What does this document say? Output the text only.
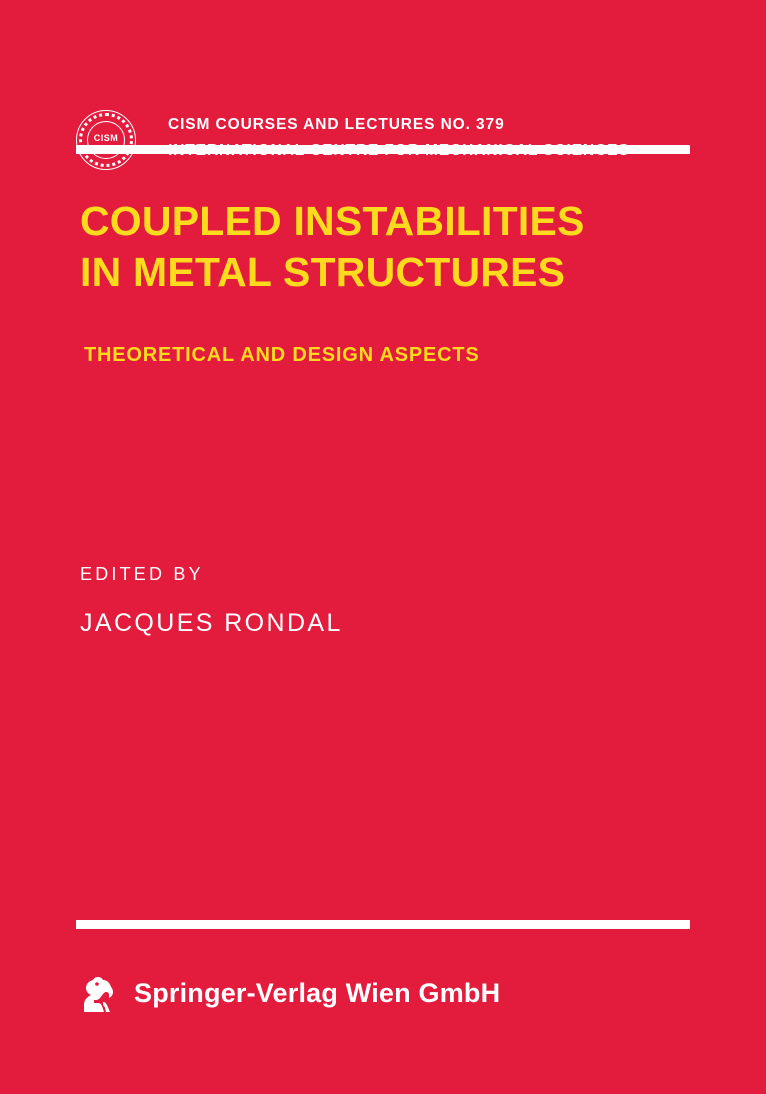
CISM
CISM COURSES AND LECTURES NO. 379
COUPLED INSTABILITIES
IN METAL STRUCTURES
THEORETICAL AND DESIGN ASPECTS
EDITED BY
JACQUES RONDAL
Springer-Verlag Wien GmbH
